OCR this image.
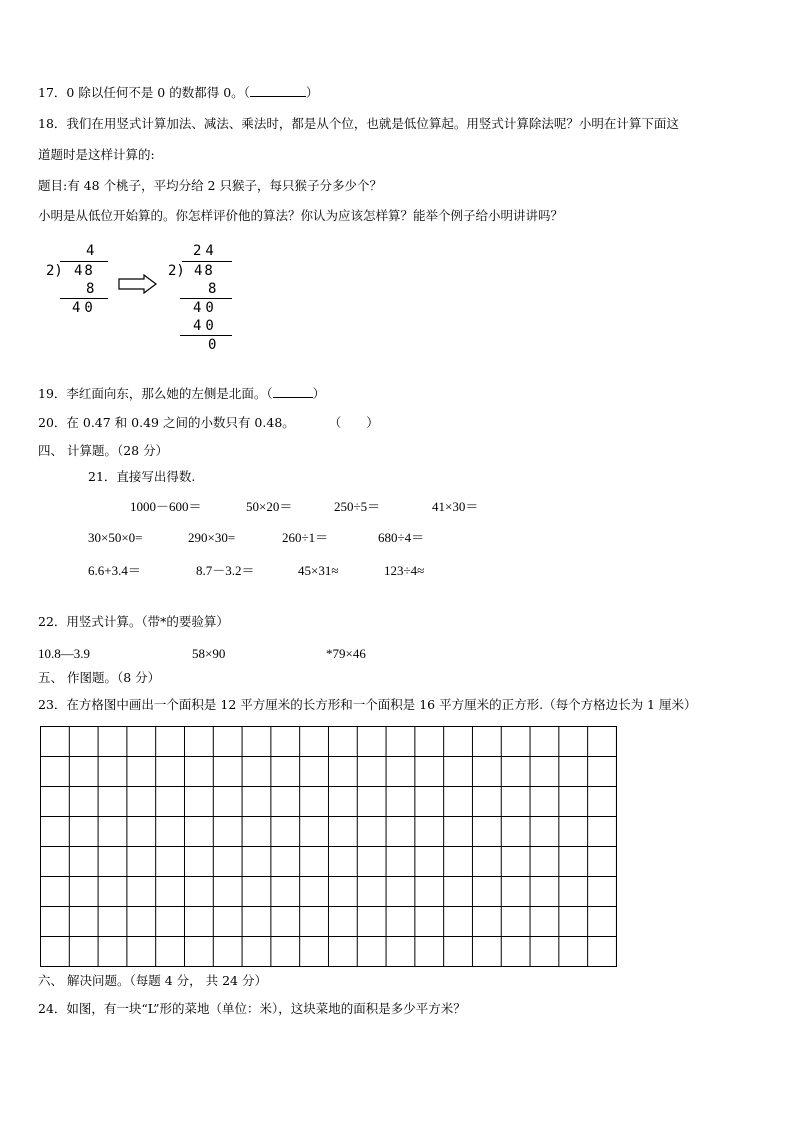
17．0 除以任何不是 0 的数都得 0。（	）
18．我们在用竖式计算加法、减法、乘法时，都是从个位，也就是低位算起。用竖式计算除法呢？小明在计算下面这
道题时是这样计算的:
题目:有 48 个桃子，平均分给 2 只猴子，每只猴子分多少个？
小明是从低位开始算的。你怎样评价他的算法？你认为应该怎样算？能举个例子给小明讲讲吗？
4
2) 48
8
40
24
2) 48
8
40
40
0
19．李红面向东，那么她的左侧是北面。（	）
20．在 0.47 和 0.49 之间的小数只有 0.48。	（　　）
四、 计算题。（28 分）
21．直接写出得数.
1000－600＝	50×20＝	250÷5＝	41×30＝
30×50×0=	290×30=	260÷1＝	680÷4＝
6.6+3.4＝	8.7－3.2＝	45×31≈	123÷4≈
22．用竖式计算。（带*的要验算）
10.8—3.9	58×90	*79×46
五、 作图题。（8 分）
23．在方格图中画出一个面积是 12 平方厘米的长方形和一个面积是 16 平方厘米的正方形.（每个方格边长为 1 厘米）
六、 解决问题。（每题 4 分， 共 24 分）
24．如图，有一块“L”形的菜地（单位：米），这块菜地的面积是多少平方米？
